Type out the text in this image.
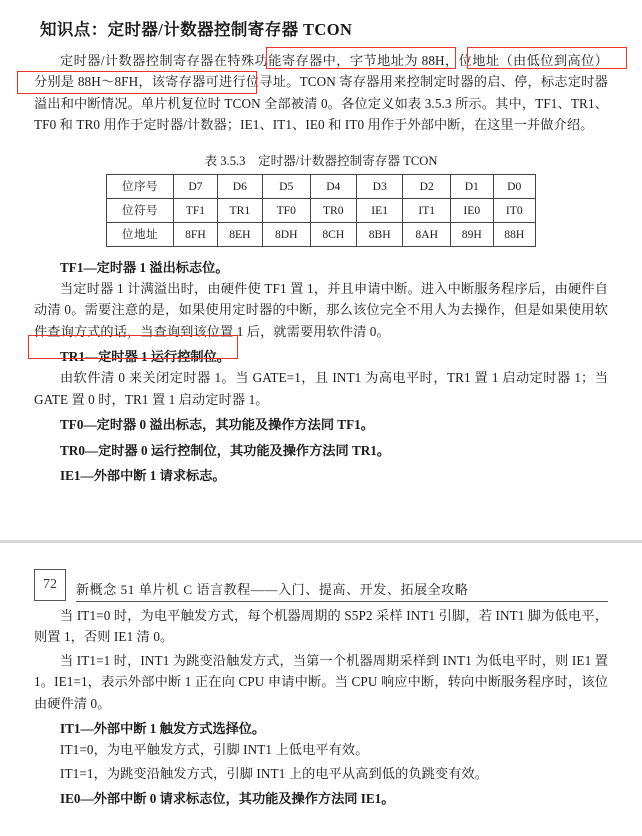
知识点：定时器/计数器控制寄存器 TCON

定时器/计数器控制寄存器在特殊功能寄存器中，字节地址为 88H，位地址（由低位到高位）分别是 88H～8FH，该寄存器可进行位寻址。TCON 寄存器用来控制定时器的启、停，标志定时器溢出和中断情况。单片机复位时 TCON 全部被清 0。各位定义如表 3.5.3 所示。其中，TF1、TR1、TF0 和 TR0 用作于定时器/计数器；IE1、IT1、IE0 和 IT0 用作于外部中断，在这里一并做介绍。

表 3.5.3　定时器/计数器控制寄存器 TCON
位序号	D7	D6	D5	D4	D3	D2	D1	D0
位符号	TF1	TR1	TF0	TR0	IE1	IT1	IE0	IT0
位地址	8FH	8EH	8DH	8CH	8BH	8AH	89H	88H

TF1—定时器 1 溢出标志位。

当定时器 1 计满溢出时，由硬件使 TF1 置 1，并且申请中断。进入中断服务程序后，由硬件自动清 0。需要注意的是，如果使用定时器的中断，那么该位完全不用人为去操作，但是如果使用软件查询方式的话，当查询到该位置 1 后，就需要用软件清 0。

TR1—定时器 1 运行控制位。

由软件清 0 来关闭定时器 1。当 GATE=1，且 INT1 为高电平时，TR1 置 1 启动定时器 1；当 GATE 置 0 时，TR1 置 1 启动定时器 1。

TF0—定时器 0 溢出标志，其功能及操作方法同 TF1。

TR0—定时器 0 运行控制位，其功能及操作方法同 TR1。

IE1—外部中断 1 请求标志。

72	新概念 51 单片机 C 语言教程——入门、提高、开发、拓展全攻略

当 IT1=0 时，为电平触发方式，每个机器周期的 S5P2 采样 INT1 引脚，若 INT1 脚为低电平，则置 1，否则 IE1 清 0。

当 IT1=1 时，INT1 为跳变沿触发方式，当第一个机器周期采样到 INT1 为低电平时，则 IE1 置 1。IE1=1，表示外部中断 1 正在向 CPU 申请中断。当 CPU 响应中断，转向中断服务程序时，该位由硬件清 0。

IT1—外部中断 1 触发方式选择位。

IT1=0，为电平触发方式，引脚 INT1 上低电平有效。

IT1=1，为跳变沿触发方式，引脚 INT1 上的电平从高到低的负跳变有效。

IE0—外部中断 0 请求标志位，其功能及操作方法同 IE1。
